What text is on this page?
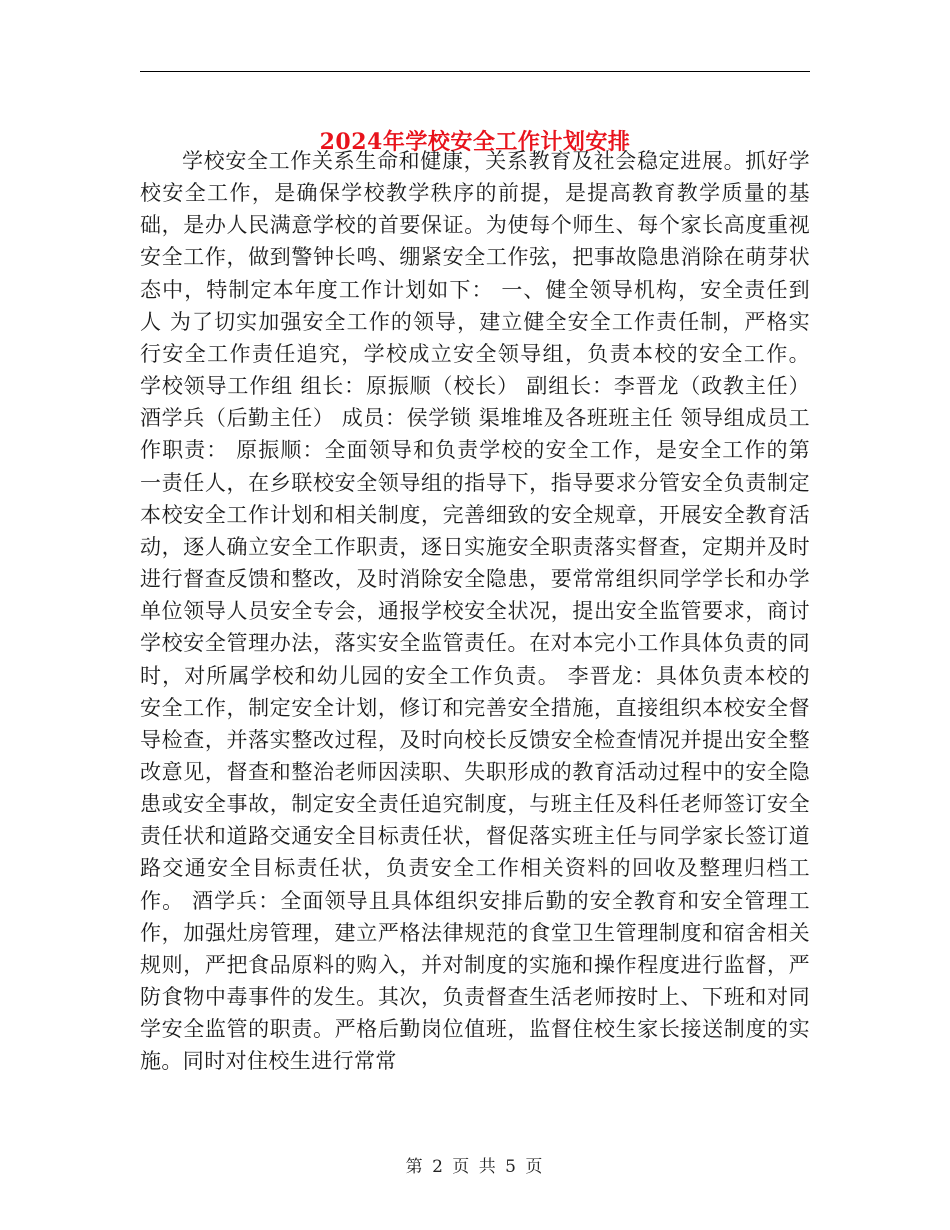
2024年学校安全工作计划安排

学校安全工作关系生命和健康，关系教育及社会稳定进展。抓好学校安全工作，是确保学校教学秩序的前提，是提高教育教学质量的基础，是办人民满意学校的首要保证。为使每个师生、每个家长高度重视安全工作，做到警钟长鸣、绷紧安全工作弦，把事故隐患消除在萌芽状态中，特制定本年度工作计划如下： 一、健全领导机构，安全责任到人 为了切实加强安全工作的领导，建立健全安全工作责任制，严格实行安全工作责任追究，学校成立安全领导组，负责本校的安全工作。 学校领导工作组 组长：原振顺（校长） 副组长：李晋龙（政教主任） 酒学兵（后勤主任） 成员：侯学锁 渠堆堆及各班班主任 领导组成员工作职责： 原振顺：全面领导和负责学校的安全工作，是安全工作的第一责任人，在乡联校安全领导组的指导下，指导要求分管安全负责制定本校安全工作计划和相关制度，完善细致的安全规章，开展安全教育活动，逐人确立安全工作职责，逐日实施安全职责落实督查，定期并及时进行督查反馈和整改，及时消除安全隐患，要常常组织同学学长和办学单位领导人员安全专会，通报学校安全状况，提出安全监管要求，商讨学校安全管理办法，落实安全监管责任。在对本完小工作具体负责的同时，对所属学校和幼儿园的安全工作负责。 李晋龙：具体负责本校的安全工作，制定安全计划，修订和完善安全措施，直接组织本校安全督导检查，并落实整改过程，及时向校长反馈安全检查情况并提出安全整改意见，督查和整治老师因渎职、失职形成的教育活动过程中的安全隐患或安全事故，制定安全责任追究制度，与班主任及科任老师签订安全责任状和道路交通安全目标责任状，督促落实班主任与同学家长签订道路交通安全目标责任状，负责安全工作相关资料的回收及整理归档工作。 酒学兵：全面领导且具体组织安排后勤的安全教育和安全管理工作，加强灶房管理，建立严格法律规范的食堂卫生管理制度和宿舍相关规则，严把食品原料的购入，并对制度的实施和操作程度进行监督，严防食物中毒事件的发生。其次，负责督查生活老师按时上、下班和对同学安全监管的职责。严格后勤岗位值班，监督住校生家长接送制度的实施。同时对住校生进行常常

第 2 页 共 5 页
